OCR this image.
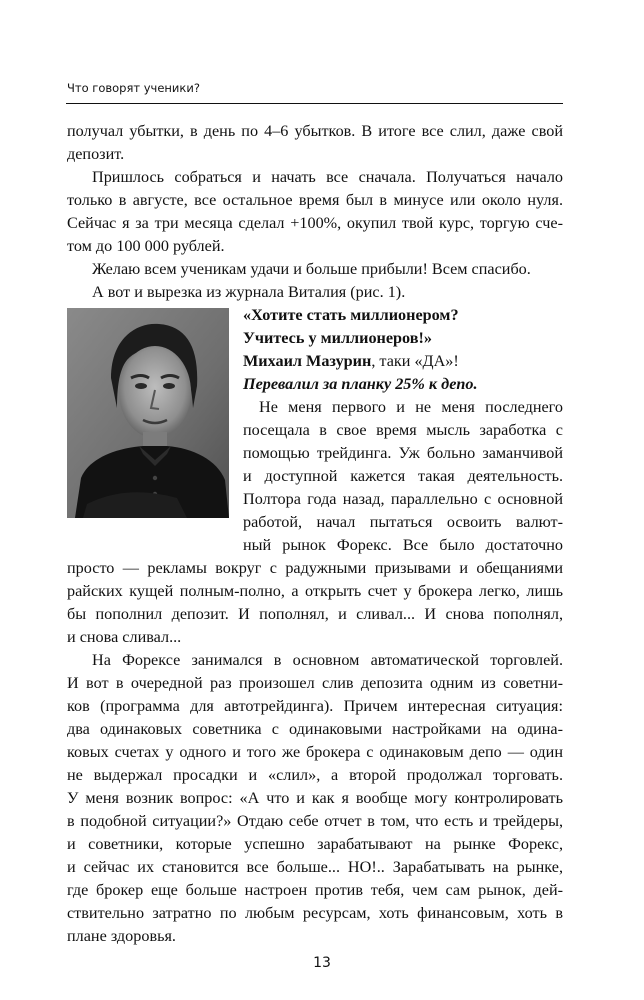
Что говорят ученики?
получал убытки, в день по 4–6 убытков. В итоге все слил, даже свой
депозит.
Пришлось собраться и начать все сначала. Получаться начало
только в августе, все остальное время был в минусе или около нуля.
Сейчас я за три месяца сделал +100%, окупил твой курс, торгую сче-
том до 100 000 рублей.
Желаю всем ученикам удачи и больше прибыли! Всем спасибо.
А вот и вырезка из журнала Виталия (рис. 1).
«Хотите стать миллионером?
Учитесь у миллионеров!»
Михаил Мазурин, таки «ДА»!
Перевалил за планку 25% к депо.
Не меня первого и не меня последнего
посещала в свое время мысль заработка с
помощью трейдинга. Уж больно заманчивой
и доступной кажется такая деятельность.
Полтора года назад, параллельно с основной
работой, начал пытаться освоить валют-
ный рынок Форекс. Все было достаточно
просто — рекламы вокруг с радужными призывами и обещаниями
райских кущей полным-полно, а открыть счет у брокера легко, лишь
бы пополнил депозит. И пополнял, и сливал... И снова пополнял,
и снова сливал...
На Форексе занимался в основном автоматической торговлей.
И вот в очередной раз произошел слив депозита одним из советни-
ков (программа для автотрейдинга). Причем интересная ситуация:
два одинаковых советника с одинаковыми настройками на одина-
ковых счетах у одного и того же брокера с одинаковым депо — один
не выдержал просадки и «слил», а второй продолжал торговать.
У меня возник вопрос: «А что и как я вообще могу контролировать
в подобной ситуации?» Отдаю себе отчет в том, что есть и трейдеры,
и советники, которые успешно зарабатывают на рынке Форекс,
и сейчас их становится все больше... НО!.. Зарабатывать на рынке,
где брокер еще больше настроен против тебя, чем сам рынок, дей-
ствительно затратно по любым ресурсам, хоть финансовым, хоть в
плане здоровья.
13
